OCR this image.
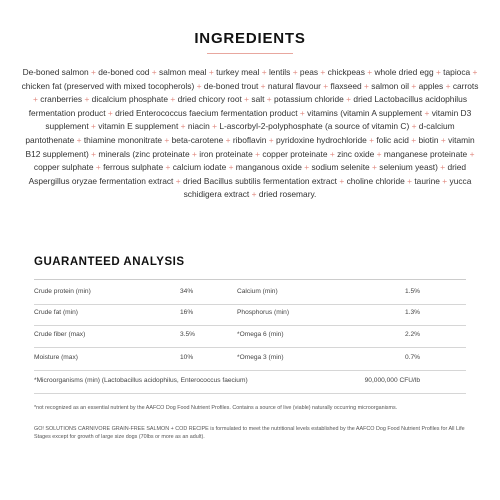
INGREDIENTS
De-boned salmon + de-boned cod + salmon meal + turkey meal + lentils + peas + chickpeas + whole dried egg + tapioca + chicken fat (preserved with mixed tocopherols) + de-boned trout + natural flavour + flaxseed + salmon oil + apples + carrots + cranberries + dicalcium phosphate + dried chicory root + salt + potassium chloride + dried Lactobacillus acidophilus fermentation product + dried Enterococcus faecium fermentation product + vitamins (vitamin A supplement + vitamin D3 supplement + vitamin E supplement + niacin + L-ascorbyl-2-polyphosphate (a source of vitamin C) + d-calcium pantothenate + thiamine mononitrate + beta-carotene + riboflavin + pyridoxine hydrochloride + folic acid + biotin + vitamin B12 supplement) + minerals (zinc proteinate + iron proteinate + copper proteinate + zinc oxide + manganese proteinate + copper sulphate + ferrous sulphate + calcium iodate + manganous oxide + sodium selenite + selenium yeast) + dried Aspergillus oryzae fermentation extract + dried Bacillus subtilis fermentation extract + choline chloride + taurine + yucca schidigera extract + dried rosemary.
GUARANTEED ANALYSIS
Crude protein (min)	34%	Calcium (min)	1.5%
Crude fat (min)	16%	Phosphorus (min)	1.3%
Crude fiber (max)	3.5%	*Omega 6 (min)	2.2%
Moisture (max)	10%	*Omega 3 (min)	0.7%
*Microorganisms (min) (Lactobacillus acidophilus, Enterococcus faecium)	90,000,000 CFU/lb
*not recognized as an essential nutrient by the AAFCO Dog Food Nutrient Profiles. Contains a source of live (viable) naturally occurring microorganisms.
GO! SOLUTIONS CARNIVORE GRAIN-FREE SALMON + COD RECIPE is formulated to meet the nutritional levels established by the AAFCO Dog Food Nutrient Profiles for All Life Stages except for growth of large size dogs (70lbs or more as an adult).
